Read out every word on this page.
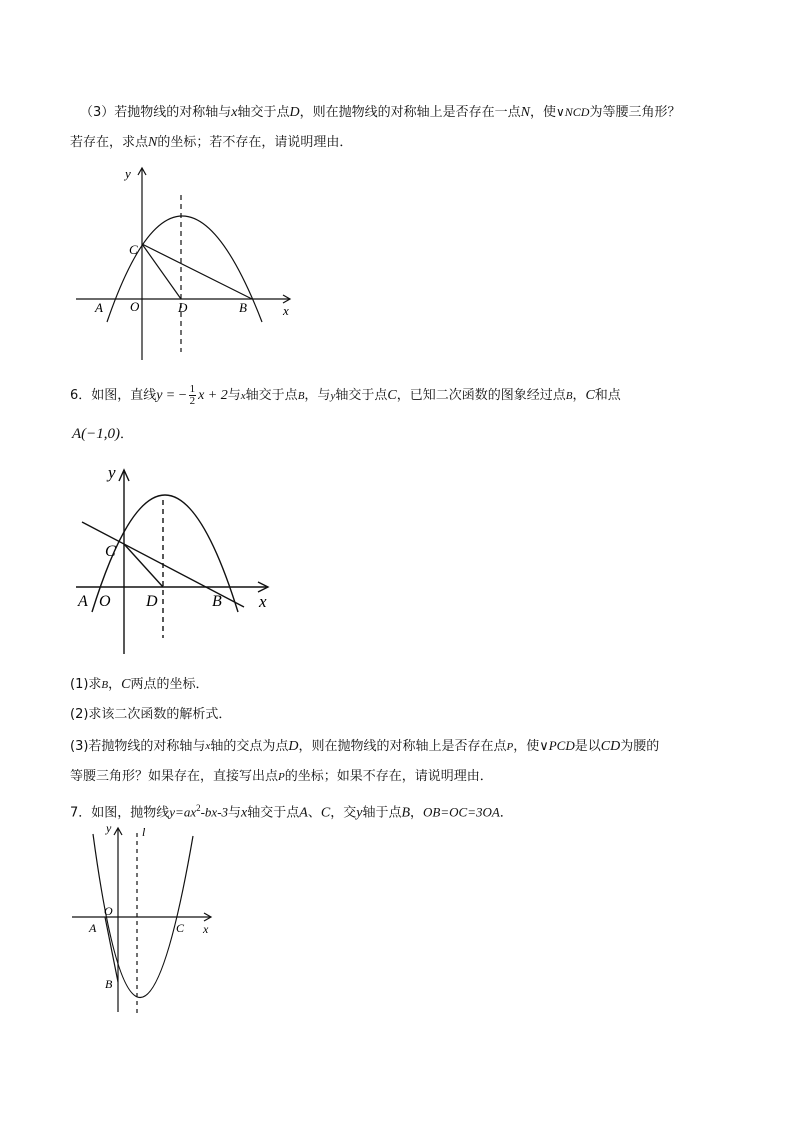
（3）若抛物线的对称轴与x轴交于点D，则在抛物线的对称轴上是否存在一点N，使∨NCD为等腰三角形？
若存在，求点N的坐标；若不存在，请说明理由．
y
C
A O	D	B	x
6．如图，直线y = − $\frac{1}{2}$ x + 2与$^x$轴交于点B，与$^y$轴交于点C，已知二次函数的图象经过点B，C和点
A(−1,0)．
y
C
A O D	B x
(1)求B，C两点的坐标．
(2)求该二次函数的解析式．
(3)若抛物线的对称轴与$^x$轴的交点为点D，则在抛物线的对称轴上是否存在点P，使∨PCD是以CD为腰的
等腰三角形？如果存在，直接写出点P的坐标；如果不存在，请说明理由．
7．如图，抛物线$y=ax^2-bx-3$与x轴交于点A、C，交y轴于点B，OB=OC=3OA．
y	l
O
A	C x
B
